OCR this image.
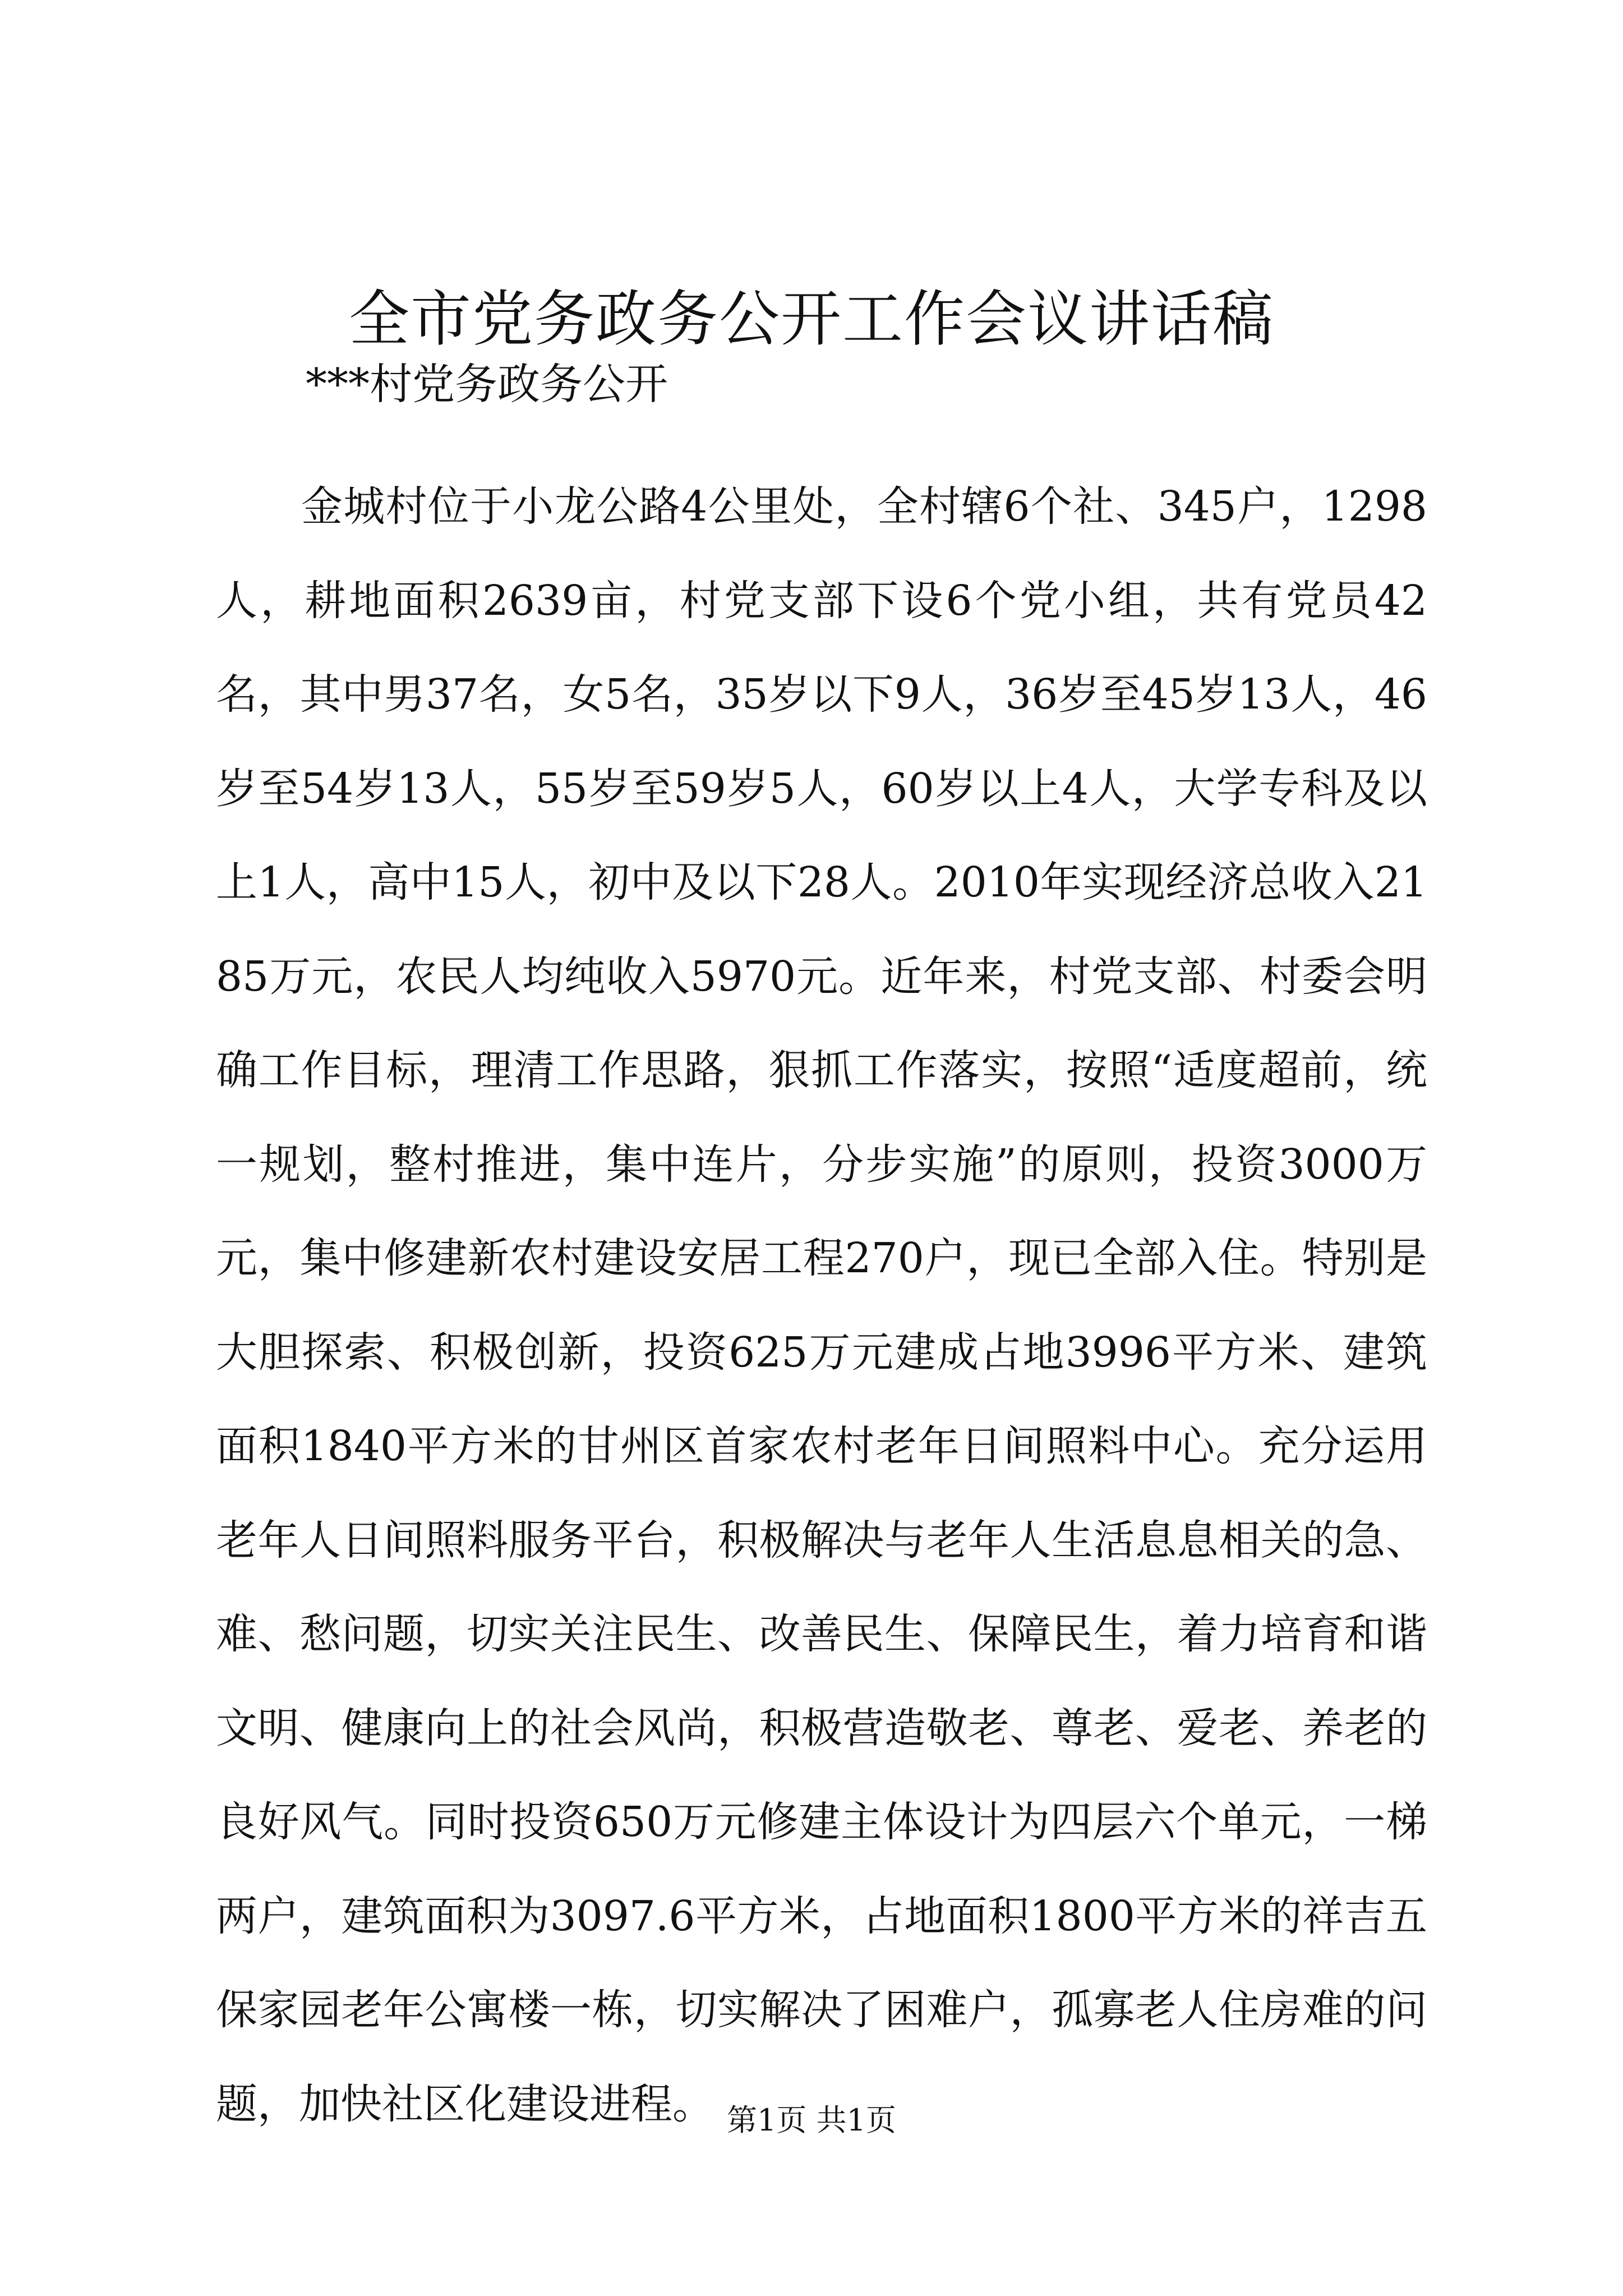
全市党务政务公开工作会议讲话稿

***村党务政务公开

金城村位于小龙公路4公里处，全村辖6个社、345户，1298人，耕地面积2639亩，村党支部下设6个党小组，共有党员42名，其中男37名，女5名，35岁以下9人，36岁至45岁13人，46岁至54岁13人，55岁至59岁5人，60岁以上4人，大学专科及以上1人，高中15人，初中及以下28人。2010年实现经济总收入2185万元，农民人均纯收入5970元。近年来，村党支部、村委会明确工作目标，理清工作思路，狠抓工作落实，按照“适度超前，统一规划，整村推进，集中连片，分步实施”的原则，投资3000万元，集中修建新农村建设安居工程270户，现已全部入住。特别是大胆探索、积极创新，投资625万元建成占地3996平方米、建筑面积1840平方米的甘州区首家农村老年日间照料中心。充分运用老年人日间照料服务平台，积极解决与老年人生活息息相关的急、难、愁问题，切实关注民生、改善民生、保障民生，着力培育和谐文明、健康向上的社会风尚，积极营造敬老、尊老、爱老、养老的良好风气。同时投资650万元修建主体设计为四层六个单元，一梯两户，建筑面积为3097.6平方米，占地面积1800平方米的祥吉五保家园老年公寓楼一栋，切实解决了困难户，孤寡老人住房难的问题，加快社区化建设进程。 第1页 共1页
